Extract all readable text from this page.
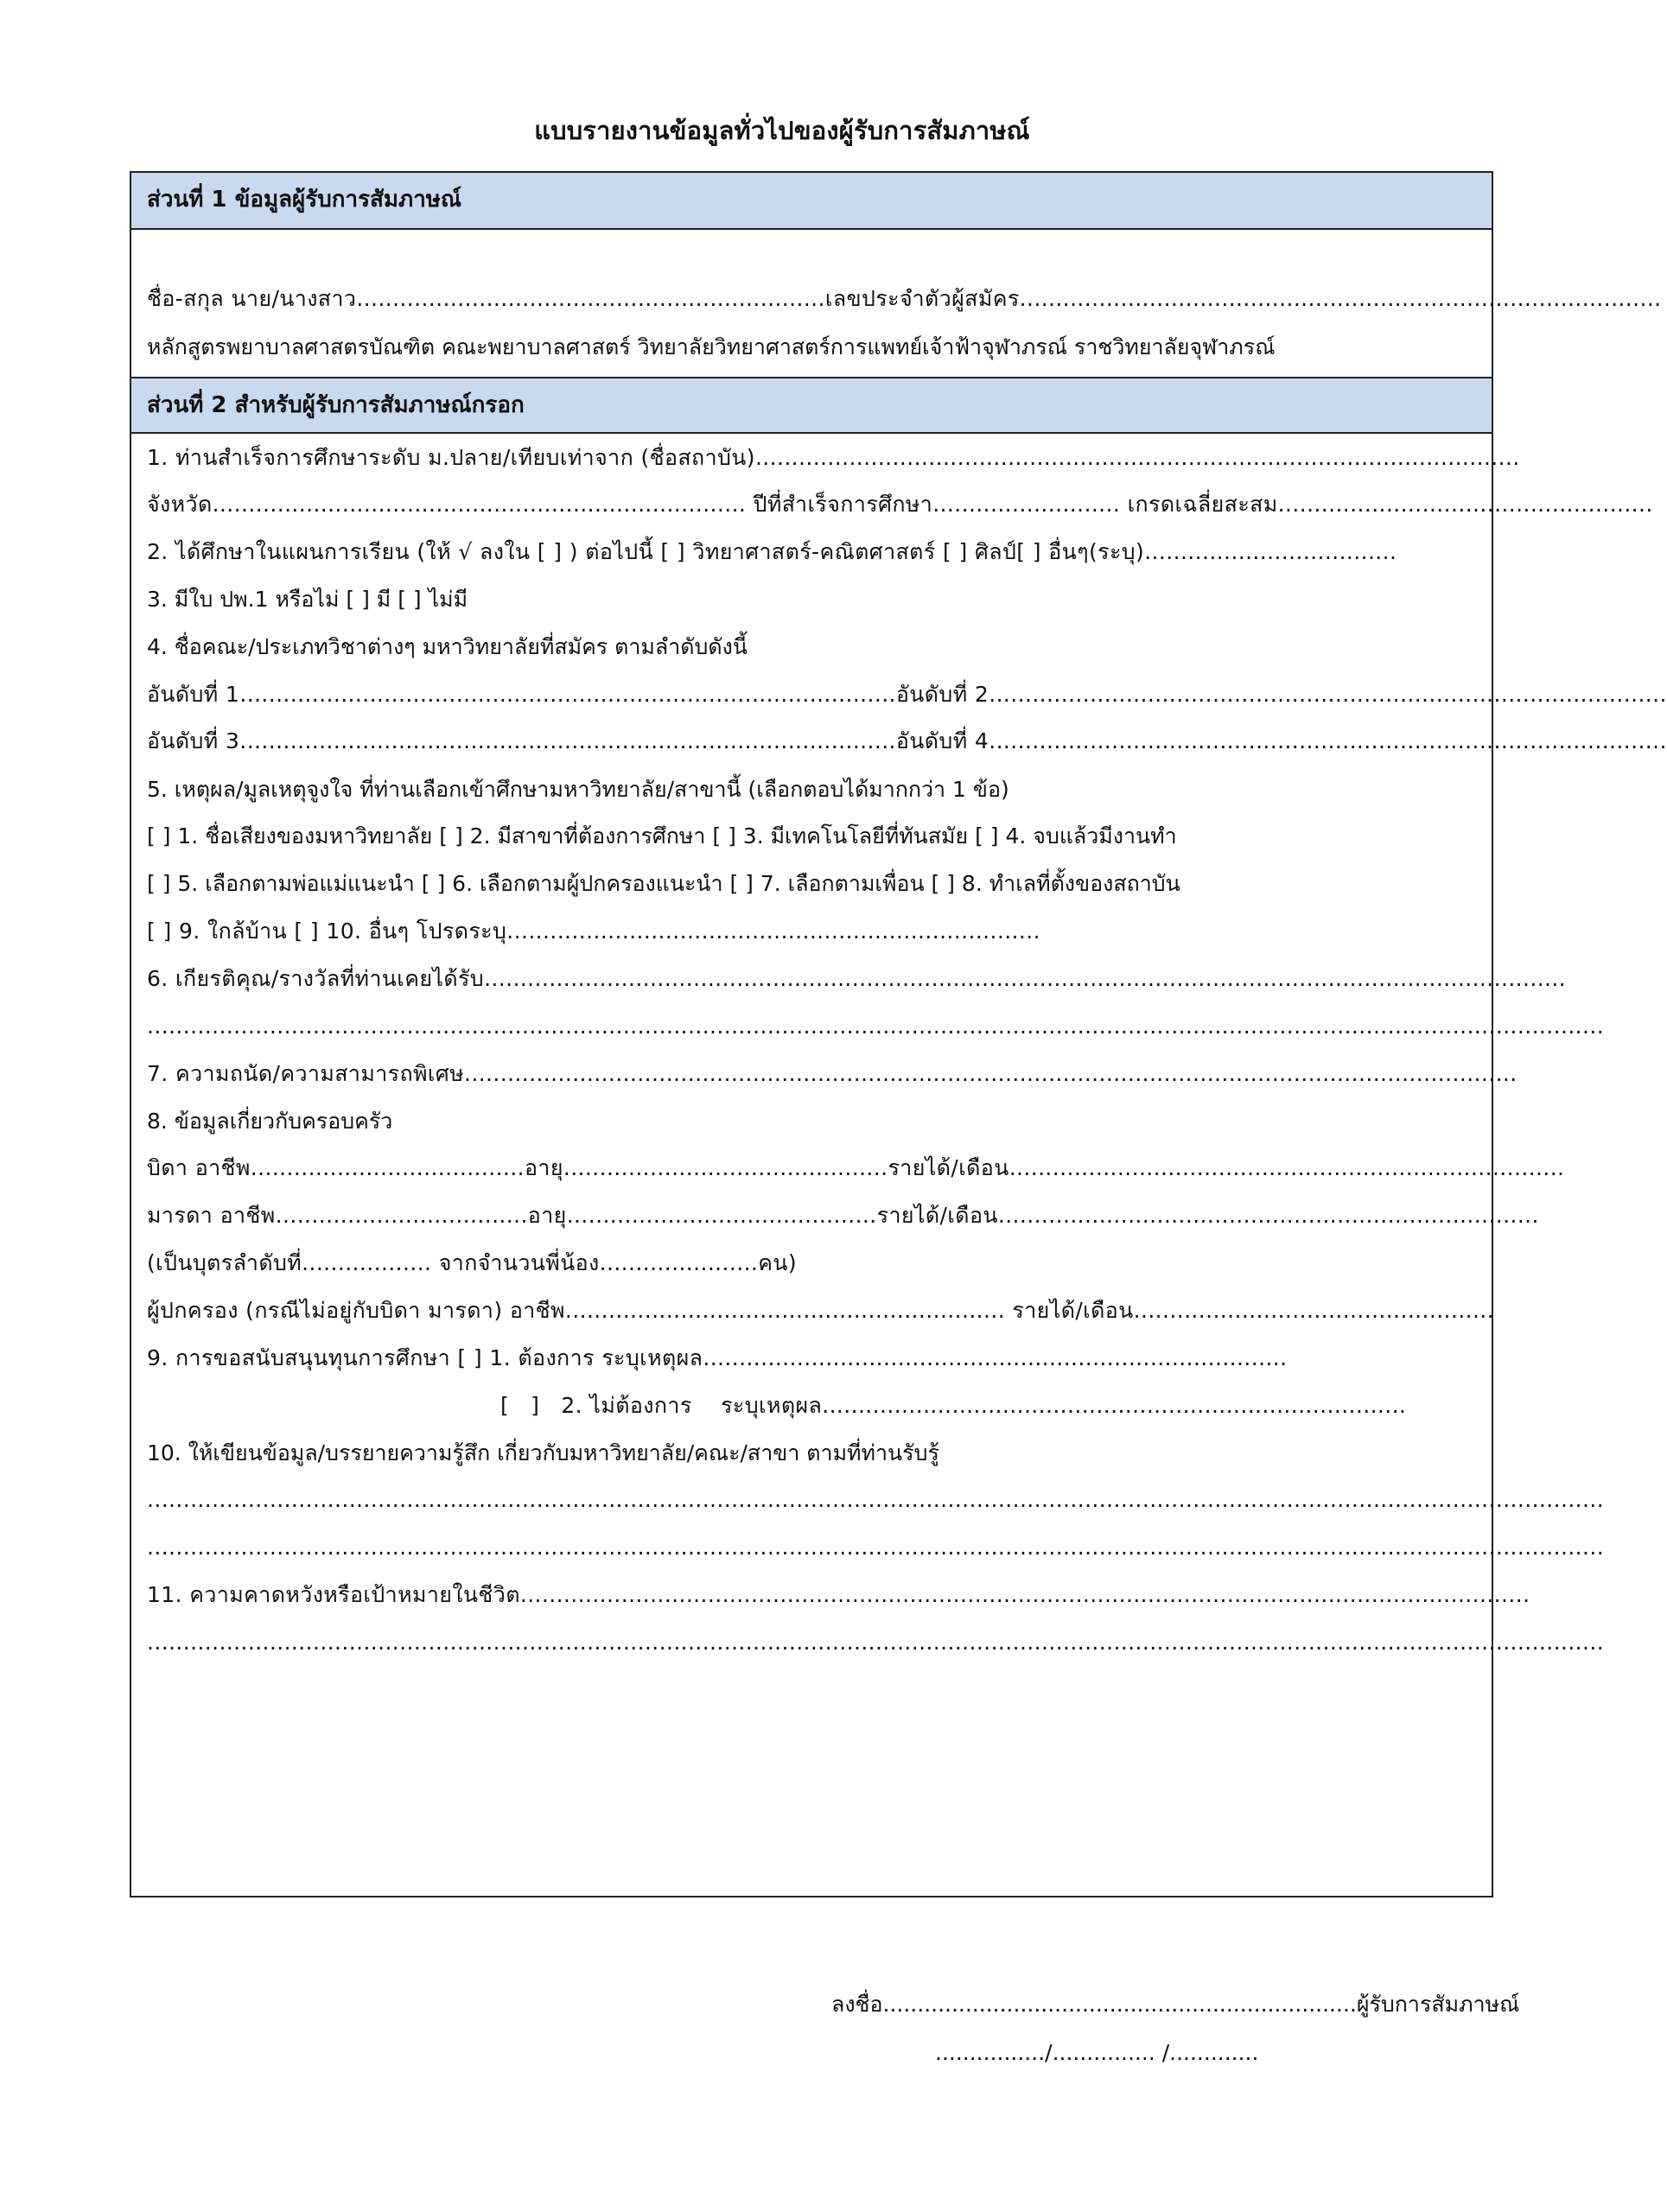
แบบรายงานข้อมูลทั่วไปของผู้รับการสัมภาษณ์
ส่วนที่ 1 ข้อมูลผู้รับการสัมภาษณ์
ชื่อ-สกุล นาย/นางสาว.................................................................เลขประจำตัวผู้สมัคร.........................................................................................
หลักสูตรพยาบาลศาสตรบัณฑิต คณะพยาบาลศาสตร์ วิทยาลัยวิทยาศาสตร์การแพทย์เจ้าฟ้าจุฬาภรณ์ ราชวิทยาลัยจุฬาภรณ์
ส่วนที่ 2 สำหรับผู้รับการสัมภาษณ์กรอก
1. ท่านสำเร็จการศึกษาระดับ ม.ปลาย/เทียบเท่าจาก (ชื่อสถาบัน)..........................................................................................................
จังหวัด.......................................................................... ปีที่สำเร็จการศึกษา.......................... เกรดเฉลี่ยสะสม....................................................
2. ได้ศึกษาในแผนการเรียน (ให้ √ ลงใน [ ] ) ต่อไปนี้ [ ] วิทยาศาสตร์-คณิตศาสตร์ [ ] ศิลป์[ ] อื่นๆ(ระบุ)...................................
3. มีใบ ปพ.1 หรือไม่ [ ] มี [ ] ไม่มี
4. ชื่อคณะ/ประเภทวิชาต่างๆ มหาวิทยาลัยที่สมัคร ตามลำดับดังนี้
อันดับที่ 1...........................................................................................อันดับที่ 2..............................................................................................
อันดับที่ 3...........................................................................................อันดับที่ 4..............................................................................................
5. เหตุผล/มูลเหตุจูงใจ ที่ท่านเลือกเข้าศึกษามหาวิทยาลัย/สาขานี้ (เลือกตอบได้มากกว่า 1 ข้อ)
[ ] 1. ชื่อเสียงของมหาวิทยาลัย [ ] 2. มีสาขาที่ต้องการศึกษา [ ] 3. มีเทคโนโลยีที่ทันสมัย [ ] 4. จบแล้วมีงานทำ
[ ] 5. เลือกตามพ่อแม่แนะนำ [ ] 6. เลือกตามผู้ปกครองแนะนำ [ ] 7. เลือกตามเพื่อน [ ] 8. ทำเลที่ตั้งของสถาบัน
[ ] 9. ใกล้บ้าน [ ] 10. อื่นๆ โปรดระบุ..........................................................................
6. เกียรติคุณ/รางวัลที่ท่านเคยได้รับ......................................................................................................................................................
..........................................................................................................................................................................................................
7. ความถนัด/ความสามารถพิเศษ..................................................................................................................................................
8. ข้อมูลเกี่ยวกับครอบครัว
บิดา อาชีพ......................................อายุ.............................................รายได้/เดือน.............................................................................
มารดา อาชีพ...................................อายุ...........................................รายได้/เดือน...........................................................................
(เป็นบุตรลำดับที่.................. จากจำนวนพี่น้อง......................คน)
ผู้ปกครอง (กรณีไม่อยู่กับบิดา มารดา) อาชีพ............................................................. รายได้/เดือน..................................................
9. การขอสนับสนุนทุนการศึกษา [ ] 1. ต้องการ ระบุเหตุผล.................................................................................
[   ]   2. ไม่ต้องการ    ระบุเหตุผล.................................................................................
10. ให้เขียนข้อมูล/บรรยายความรู้สึก เกี่ยวกับมหาวิทยาลัย/คณะ/สาขา ตามที่ท่านรับรู้
..........................................................................................................................................................................................................
..........................................................................................................................................................................................................
11. ความคาดหวังหรือเป้าหมายในชีวิต............................................................................................................................................
..........................................................................................................................................................................................................
ลงชื่อ.....................................................................ผู้รับการสัมภาษณ์
................/............... /.............
